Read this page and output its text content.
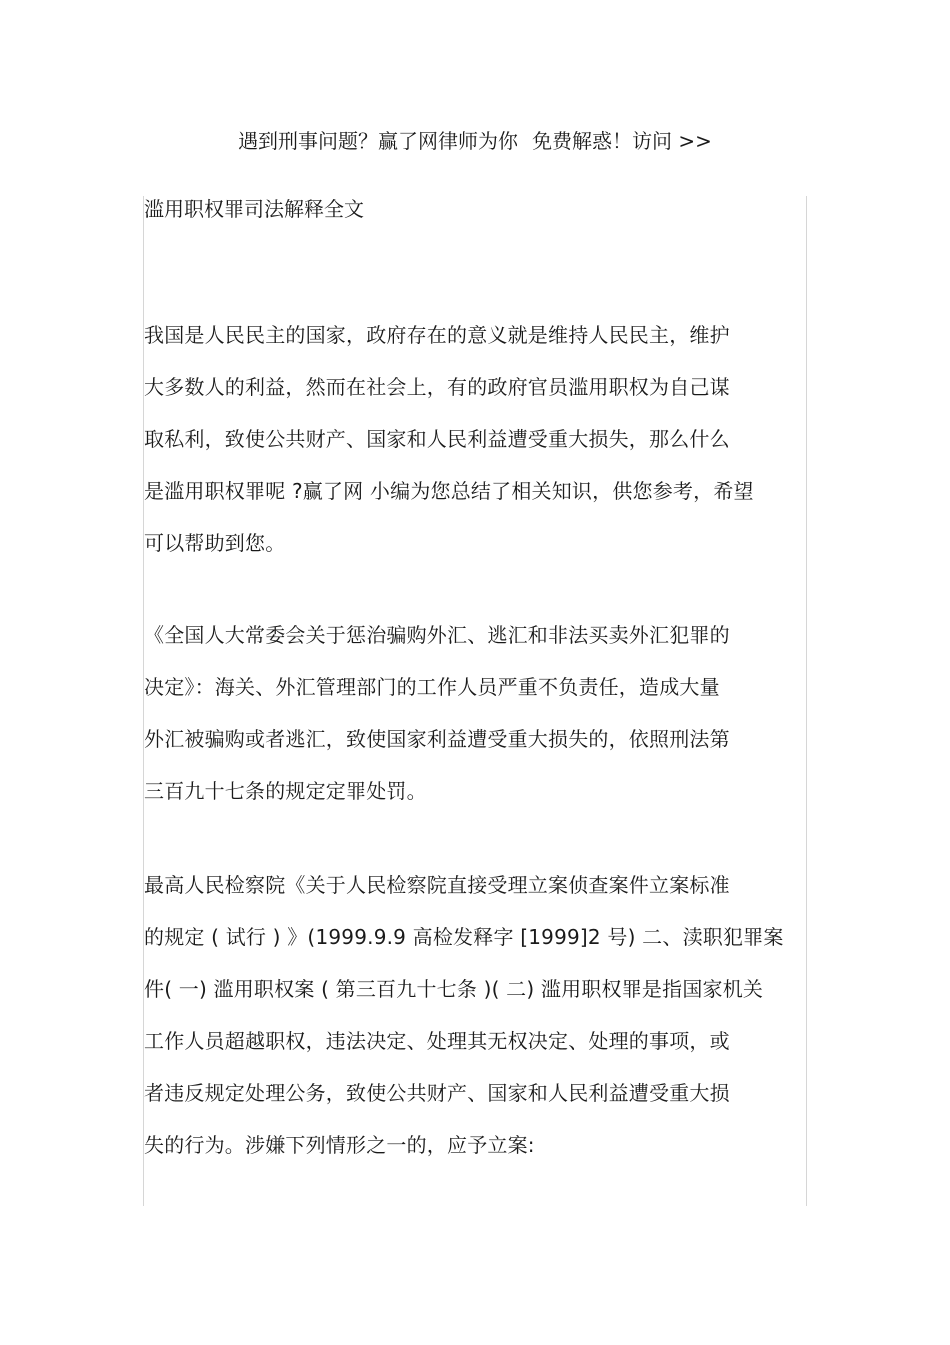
遇到刑事问题？赢了网律师为你 免费解惑！访问 >>
滥用职权罪司法解释全文
我国是人民民主的国家，政府存在的意义就是维持人民民主，维护
大多数人的利益，然而在社会上，有的政府官员滥用职权为自己谋
取私利，致使公共财产、国家和人民利益遭受重大损失，那么什么
是滥用职权罪呢 ?赢了网 小编为您总结了相关知识，供您参考，希望
可以帮助到您。
《全国人大常委会关于惩治骗购外汇、逃汇和非法买卖外汇犯罪的
决定》：海关、外汇管理部门的工作人员严重不负责任，造成大量
外汇被骗购或者逃汇，致使国家利益遭受重大损失的，依照刑法第
三百九十七条的规定定罪处罚。
最高人民检察院《关于人民检察院直接受理立案侦查案件立案标准
的规定 ( 试行 ) 》(1999.9.9 高检发释字 [1999]2 号) 二、渎职犯罪案
件( 一) 滥用职权案 ( 第三百九十七条 )( 二) 滥用职权罪是指国家机关
工作人员超越职权，违法决定、处理其无权决定、处理的事项，或
者违反规定处理公务，致使公共财产、国家和人民利益遭受重大损
失的行为。涉嫌下列情形之一的，应予立案:
